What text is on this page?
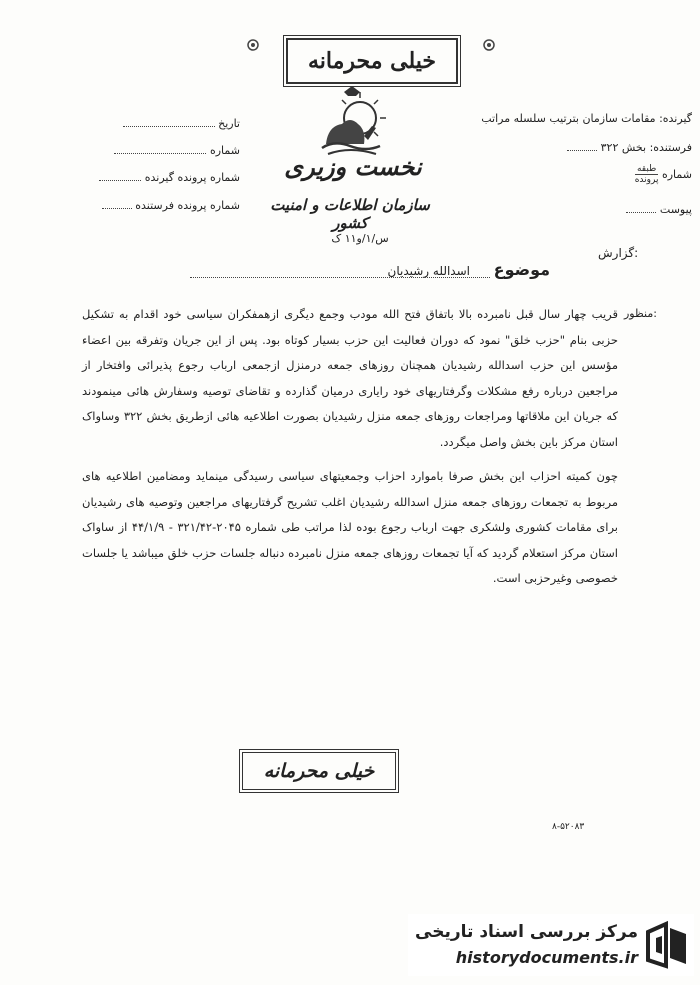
خیلی محرمانه
نخست وزیری
سازمان اطلاعات و امنیت کشور
س/۱/و۱۱ ک
تاریخ
شماره
شماره پرونده گیرنده
شماره پرونده فرستنده
گیرنده: مقامات سازمان بترتیب سلسله مراتب
فرستنده: بخش ۳۲۲
شماره
طبقه
پرونده
پیوست
گزارش:
موضوع
اسدالله رشیدیان
منظور:

قریب چهار سال قبل نامبرده بالا باتفاق فتح الله مودب وجمع دیگری ازهمفکران سیاسی خود اقدام به تشکیل حزبی بنام "حزب خلق" نمود که دوران فعالیت این حزب بسیار کوتاه بود. پس از این جریان وتفرقه بین اعضاء مؤسس این حزب اسدالله رشیدیان همچنان روزهای جمعه درمنزل ازجمعی ارباب رجوع پذیرائی وافتخار از مراجعین درباره رفع مشکلات وگرفتاریهای خود رایاری درمیان گذارده و تقاضای توصیه وسفارش هائی مینمودند که جریان این ملاقاتها ومراجعات روزهای جمعه منزل رشیدیان بصورت اطلاعیه هائی ازطریق بخش ۳۲۲ وساواک استان مرکز باین بخش واصل میگردد.

چون کمیته احزاب این بخش صرفا باموارد احزاب وجمعیتهای سیاسی رسیدگی مینماید ومضامین اطلاعیه های مربوط به تجمعات روزهای جمعه منزل اسدالله رشیدیان اغلب تشریح گرفتاریهای مراجعین وتوصیه های رشیدیان برای مقامات کشوری ولشکری جهت ارباب رجوع بوده لذا مراتب طی شماره ۲۰۴۵-۳۲۱/۴۲ - ۴۴/۱/۹ از ساواک استان مرکز استعلام گردید که آیا تجمعات روزهای جمعه منزل نامبرده دنباله جلسات حزب خلق میباشد یا جلسات خصوصی وغیرحزبی است.

خیلی محرمانه
۸-۵۲۰۸۳
مرکز بررسی اسناد تاریخی
historydocuments.ir
